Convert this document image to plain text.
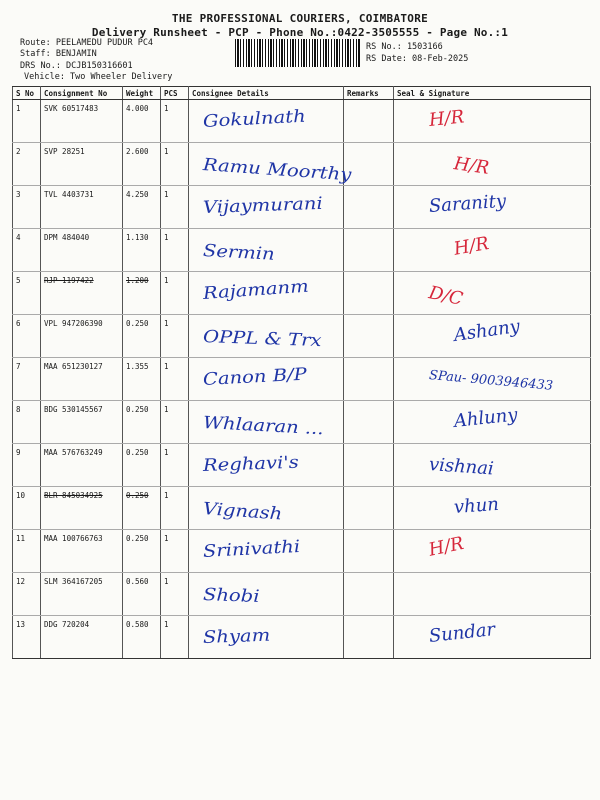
THE PROFESSIONAL COURIERS, COIMBATORE
Delivery Runsheet - PCP - Phone No.:0422-3505555 - Page No.:1
Route: PEELAMEDU PUDUR PC4
Staff: BENJAMIN
DRS No.: DCJB150316601
Vehicle: Two Wheeler Delivery
RS No.: 1503166
RS Date: 08-Feb-2025
S No	Consignment No	Weight	PCS	Consignee Details	Remarks	Seal & Signature
1	SVK 60517483	4.000	1	Gokulnath		H/R

2	SVP 28251	2.600	1	Ramu Moorthy		H/R

3	TVL 4403731	4.250	1	Vijaymurani		Saranity

4	DPM 484040	1.130	1	Sermin		H/R

5	RJP 1197422	1.200	1	Rajamanm		D/C

6	VPL 947206390	0.250	1	OPPL & Trx		Ashany

7	MAA 651230127	1.355	1	Canon B/P		SPau- 9003946433

8	BDG 530145567	0.250	1	Whlaaran ...		Ahluny

9	MAA 576763249	0.250	1	Reghavi's		vishnai

10	BLR 845034925	0.250	1	Vignash		vhun

11	MAA 100766763	0.250	1	Srinivathi		H/R

12	SLM 364167205	0.560	1	Shobi		

13	DDG 720204	0.580	1	Shyam		Sundar
